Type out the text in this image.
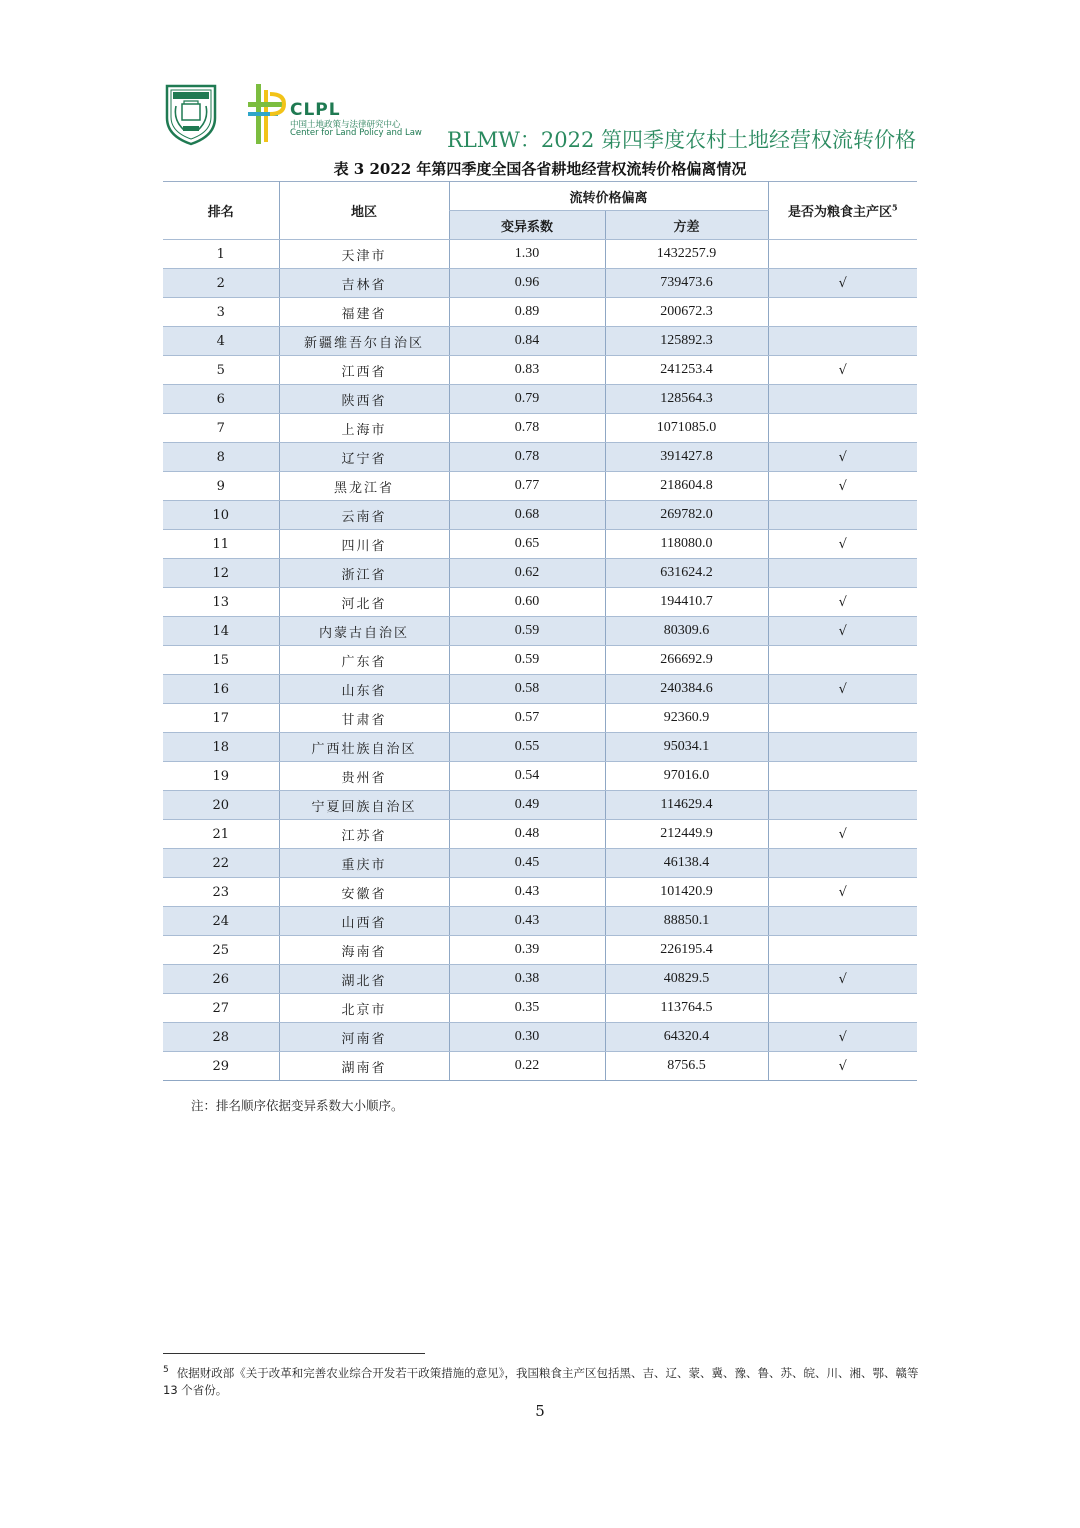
CLPL
中国土地政策与法律研究中心
Center for Land Policy and Law RLMW：2022 第四季度农村土地经营权流转价格
表 3 2022 年第四季度全国各省耕地经营权流转价格偏离情况
排名	地区	流转价格偏离		是否为粮食主产区$^5$
		变异系数	方差	
1	天津市	1.30	1432257.9	
2	吉林省	0.96	739473.6	√
3	福建省	0.89	200672.3	
4	新疆维吾尔自治区	0.84	125892.3	
5	江西省	0.83	241253.4	√
6	陕西省	0.79	128564.3	
7	上海市	0.78	1071085.0	
8	辽宁省	0.78	391427.8	√
9	黑龙江省	0.77	218604.8	√
10	云南省	0.68	269782.0	
11	四川省	0.65	118080.0	√
12	浙江省	0.62	631624.2	
13	河北省	0.60	194410.7	√
14	内蒙古自治区	0.59	80309.6	√
15	广东省	0.59	266692.9	
16	山东省	0.58	240384.6	√
17	甘肃省	0.57	92360.9	
18	广西壮族自治区	0.55	95034.1	
19	贵州省	0.54	97016.0	
20	宁夏回族自治区	0.49	114629.4	
21	江苏省	0.48	212449.9	√
22	重庆市	0.45	46138.4	
23	安徽省	0.43	101420.9	√
24	山西省	0.43	88850.1	
25	海南省	0.39	226195.4	
26	湖北省	0.38	40829.5	√
27	北京市	0.35	113764.5	
28	河南省	0.30	64320.4	√
29	湖南省	0.22	8756.5	√
注：排名顺序依据变异系数大小顺序。
$^5$ 依据财政部《关于改革和完善农业综合开发若干政策措施的意见》，我国粮食主产区包括黑、吉、辽、蒙、冀、豫、鲁、苏、皖、川、湘、鄂、赣等 13 个省份。
5
